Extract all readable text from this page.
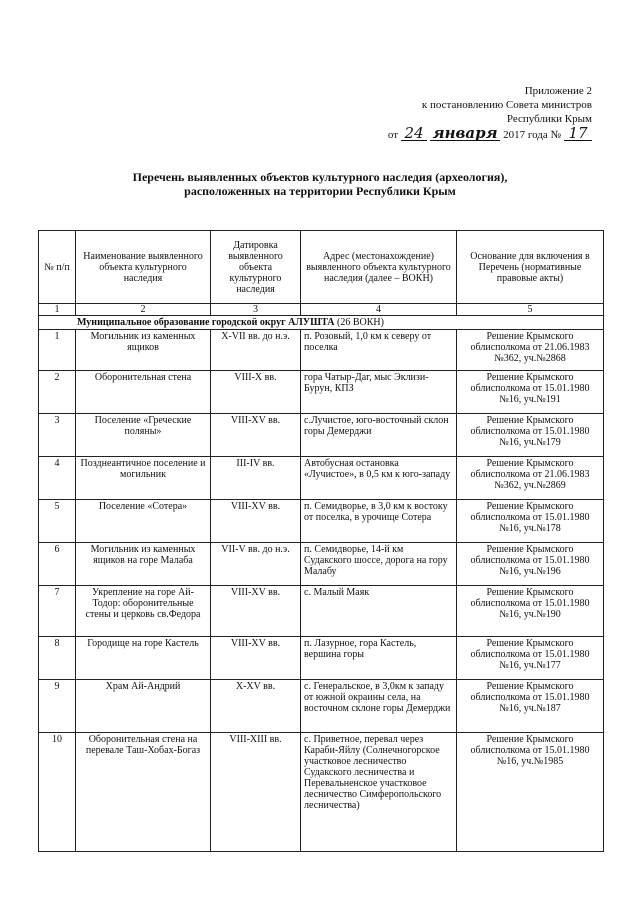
Приложение 2
к постановлению Совета министров
Республики Крым
от 24 января 2017 года № 17
Перечень выявленных объектов культурного наследия (археология),
расположенных на территории Республики Крым
№ п/п	Наименование выявленного объекта культурного наследия	Датировка выявленного объекта культурного наследия	Адрес (местонахождение) выявленного объекта культурного наследия (далее – ВОКН)	Основание для включения в Перечень (нормативные правовые акты)
1	2	3	4	5
Муниципальное образование городской округ АЛУШТА (26 ВОКН)				
1	Могильник из каменных ящиков	X-VII вв. до н.э.	п. Розовый, 1,0 км к северу от поселка	Решение Крымского облисполкома от 21.06.1983 №362, уч.№2868
2	Оборонительная стена	VIII-X вв.	гора Чатыр-Даг, мыс Эклизи-Бурун, КПЗ	Решение Крымского облисполкома от 15.01.1980 №16, уч.№191
3	Поселение «Греческие поляны»	VIII-XV вв.	с.Лучистое, юго-восточный склон горы Демерджи	Решение Крымского облисполкома от 15.01.1980 №16, уч.№179
4	Позднеантичное поселение и могильник	III-IV вв.	Автобусная остановка «Лучистое», в 0,5 км к юго-западу	Решение Крымского облисполкома от 21.06.1983 №362, уч.№2869
5	Поселение «Сотера»	VIII-XV вв.	п. Семидворье, в 3,0 км к востоку от поселка, в урочище Сотера	Решение Крымского облисполкома от 15.01.1980 №16, уч.№178
6	Могильник из каменных ящиков на горе Малаба	VII-V вв. до н.э.	п. Семидворье, 14-й км Судакского шоссе, дорога на гору Малабу	Решение Крымского облисполкома от 15.01.1980 №16, уч.№196
7	Укрепление на горе Ай-Тодор: оборонительные стены и церковь св.Федора	VIII-XV вв.	с. Малый Маяк	Решение Крымского облисполкома от 15.01.1980 №16, уч.№190
8	Городище на горе Кастель	VIII-XV вв.	п. Лазурное, гора Кастель, вершина горы	Решение Крымского облисполкома от 15.01.1980 №16, уч.№177
9	Храм Ай-Андрий	X-XV вв.	с. Генеральское, в 3,0км к западу от южной окраины села, на восточном склоне горы Демерджи	Решение Крымского облисполкома от 15.01.1980 №16, уч.№187
10	Оборонительная стена на перевале Таш-Хобах-Богаз	VIII-XIII вв.	с. Приветное, перевал через Караби-Яйлу (Солнечногорское участковое лесничество Судакского лесничества и Перевальненское участковое лесничество Симферопольского лесничества)	Решение Крымского облисполкома от 15.01.1980 №16, уч.№1985
